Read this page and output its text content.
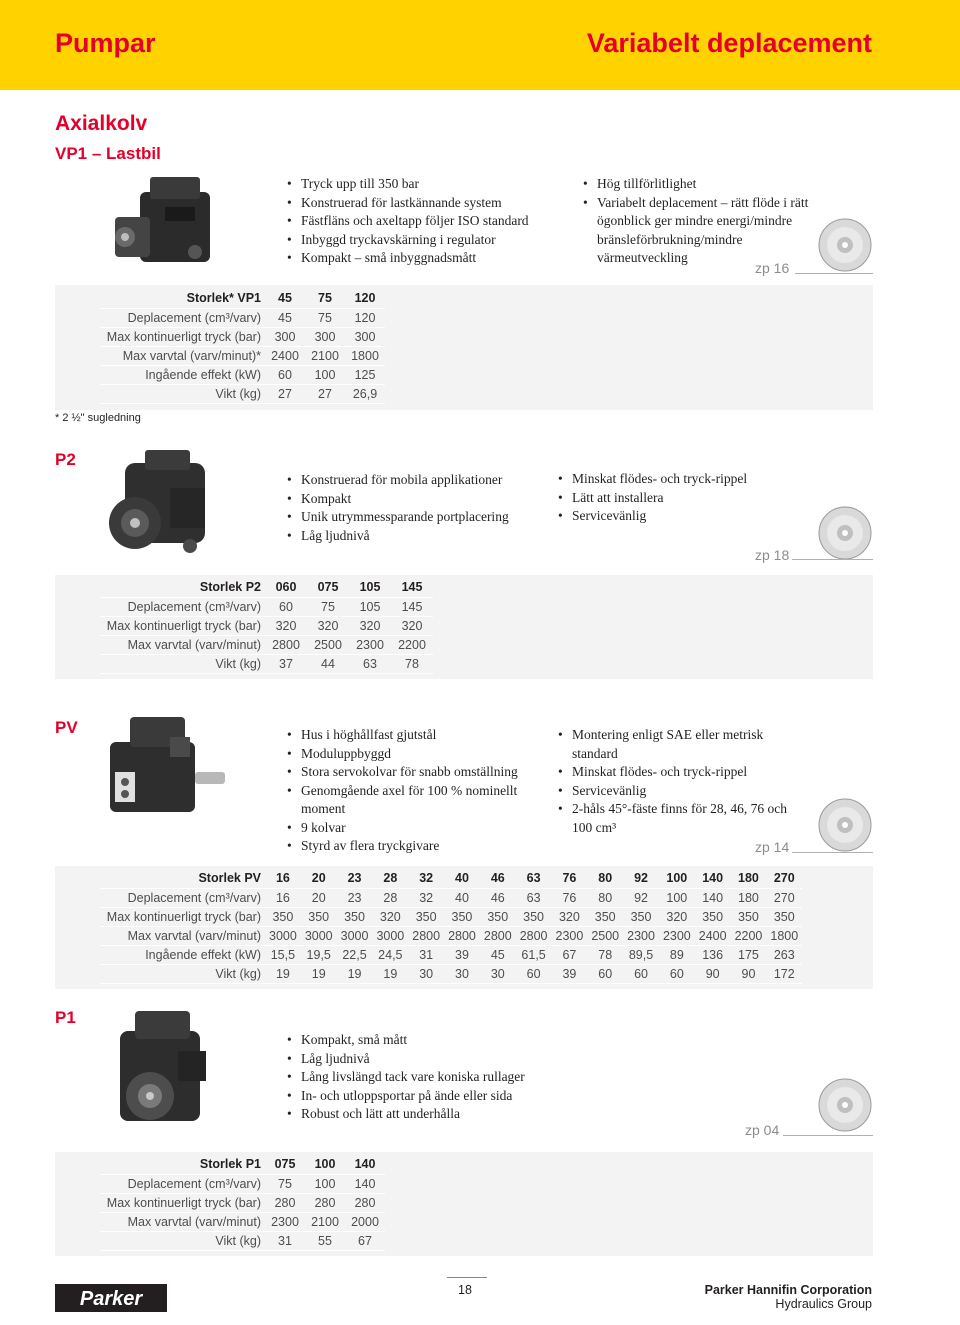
Pumpar	Variabelt deplacement
Axialkolv
VP1 – Lastbil
• Tryck upp till 350 bar
• Konstruerad för lastkännande system
• Fästfläns och axeltapp följer ISO standard
• Inbyggd tryckavskärning i regulator
• Kompakt – små inbyggnadsmått
• Hög tillförlitlighet
• Variabelt deplacement – rätt flöde i rätt ögonblick ger mindre energi/mindre bränsleförbrukning/mindre värmeutveckling
zp 16
Storlek* VP1	45	75	120
Deplacement (cm³/varv)	45	75	120
Max kontinuerligt tryck (bar)	300	300	300
Max varvtal (varv/minut)*	2400	2100	1800
Ingående effekt (kW)	60	100	125
Vikt (kg)	27	27	26,9
* 2 ½" sugledning
P2
• Konstruerad för mobila applikationer
• Kompakt
• Unik utrymmessparande portplacering
• Låg ljudnivå
• Minskat flödes- och tryck-rippel
• Lätt att installera
• Servicevänlig
zp 18
Storlek P2	060	075	105	145
Deplacement (cm³/varv)	60	75	105	145
Max kontinuerligt tryck (bar)	320	320	320	320
Max varvtal (varv/minut)	2800	2500	2300	2200
Vikt (kg)	37	44	63	78
PV	• Hus i höghållfast gjutstål
• Moduluppbyggd
• Stora servokolvar för snabb omställning
• Genomgående axel för 100 % nominellt moment
• 9 kolvar
• Styrd av flera tryckgivare
• Montering enligt SAE eller metrisk standard
• Minskat flödes- och tryck-rippel
• Servicevänlig
• 2-håls 45°-fäste finns för 28, 46, 76 och 100 cm³
zp 14
Storlek PV	16	20	23	28	32	40	46	63	76	80	92	100	140	180	270
Deplacement (cm³/varv)	16	20	23	28	32	40	46	63	76	80	92	100	140	180	270
Max kontinuerligt tryck (bar)	350	350	350	320	350	350	350	350	320	350	350	320	350	350	350
Max varvtal (varv/minut)	3000	3000	3000	3000	2800	2800	2800	2800	2300	2500	2300	2300	2400	2200	1800
Ingående effekt (kW)	15,5	19,5	22,5	24,5	31	39	45	61,5	67	78	89,5	89	136	175	263
Vikt (kg)	19	19	19	19	30	30	30	60	39	60	60	60	90	90	172
P1
• Kompakt, små mått
• Låg ljudnivå
• Lång livslängd tack vare koniska rullager
• In- och utloppsportar på ände eller sida
• Robust och lätt att underhålla
zp 04
Storlek P1	075	100	140
Deplacement (cm³/varv)	75	100	140
Max kontinuerligt tryck (bar)	280	280	280
Max varvtal (varv/minut)	2300	2100	2000
Vikt (kg)	31	55	67
Parker	18	Parker Hannifin Corporation
Hydraulics Group
